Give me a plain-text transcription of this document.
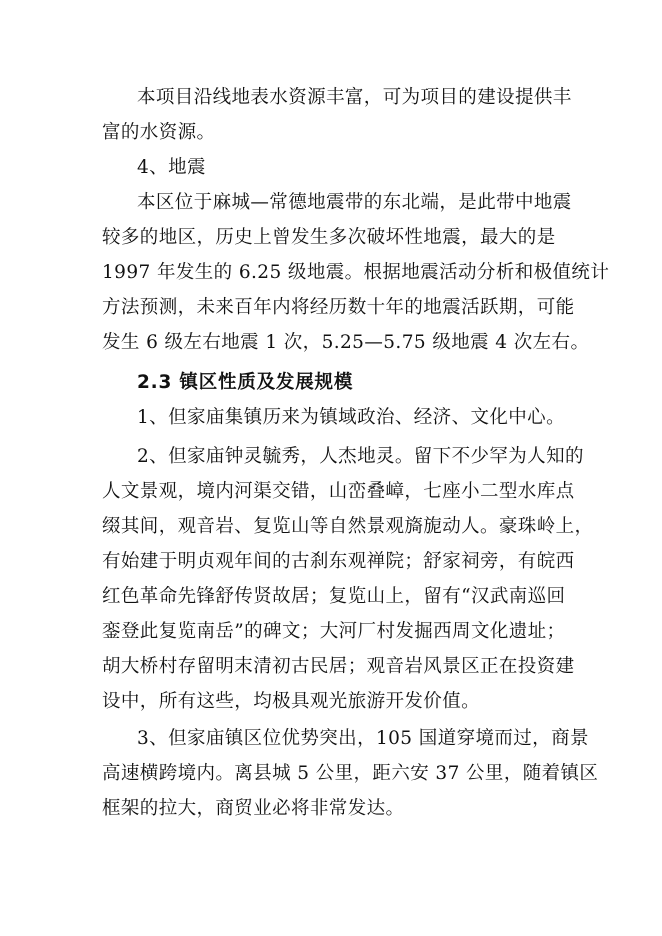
本项目沿线地表水资源丰富，可为项目的建设提供丰
富的水资源。
4、地震
本区位于麻城—常德地震带的东北端，是此带中地震
较多的地区，历史上曾发生多次破坏性地震，最大的是
1997 年发生的 6.25 级地震。根据地震活动分析和极值统计
方法预测，未来百年内将经历数十年的地震活跃期，可能
发生 6 级左右地震 1 次，5.25—5.75 级地震 4 次左右。
2.3 镇区性质及发展规模
1、但家庙集镇历来为镇域政治、经济、文化中心。
2、但家庙钟灵毓秀，人杰地灵。留下不少罕为人知的
人文景观，境内河渠交错，山峦叠嶂，七座小二型水库点
缀其间，观音岩、复览山等自然景观旖旎动人。豪珠岭上，
有始建于明贞观年间的古刹东观禅院；舒家祠旁，有皖西
红色革命先锋舒传贤故居；复览山上，留有“汉武南巡回
銮登此复览南岳”的碑文；大河厂村发掘西周文化遗址；
胡大桥村存留明末清初古民居；观音岩风景区正在投资建
设中，所有这些，均极具观光旅游开发价值。
3、但家庙镇区位优势突出，105 国道穿境而过，商景
高速横跨境内。离县城 5 公里，距六安 37 公里，随着镇区
框架的拉大，商贸业必将非常发达。
